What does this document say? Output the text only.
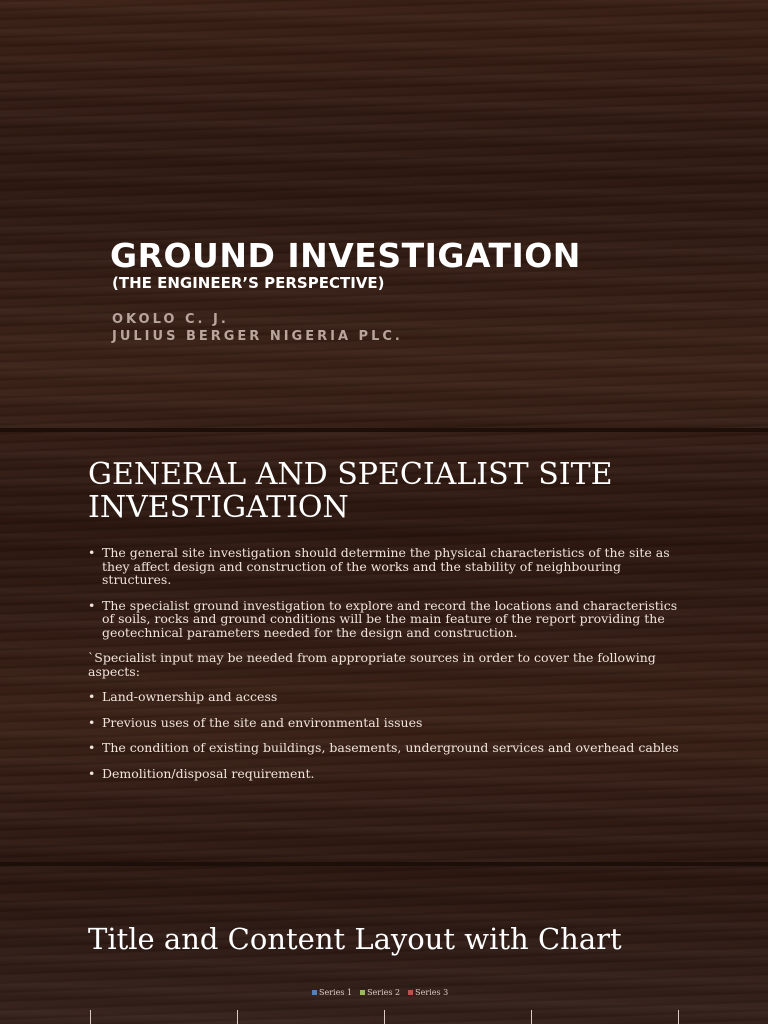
GROUND INVESTIGATION

(THE ENGINEER’S PERSPECTIVE)

OKOLO C. J.
JULIUS BERGER NIGERIA PLC.
GENERAL AND SPECIALIST SITE INVESTIGATION
• The general site investigation should determine the physical characteristics of the site as they affect design and construction of the works and the stability of neighbouring structures.
• The specialist ground investigation to explore and record the locations and characteristics of soils, rocks and ground conditions will be the main feature of the report providing the geotechnical parameters needed for the design and construction.

`Specialist input may be needed from appropriate sources in order to cover the following aspects:

• Land-ownership and access
• Previous uses of the site and environmental issues
• The condition of existing buildings, basements, underground services and overhead cables
• Demolition/disposal requirement.
Title and Content Layout with Chart
Series 1 Series 2 Series 3
